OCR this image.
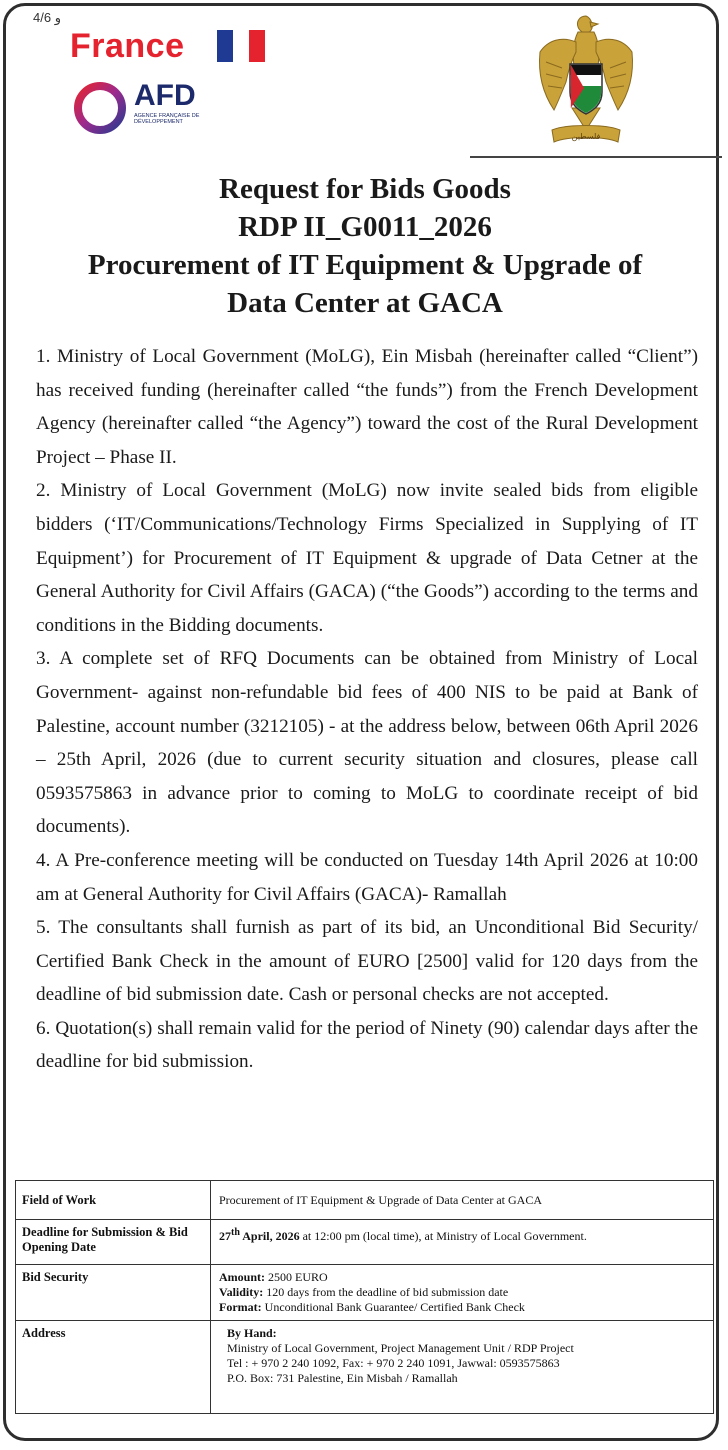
ﻭ 4/6
France
AFD
AGENCE FRANÇAISE DE DÉVELOPPEMENT
فلسطين
Request for Bids Goods
RDP II_G0011_2026
Procurement of IT Equipment & Upgrade of
Data Center at GACA

1. Ministry of Local Government (MoLG), Ein Misbah (hereinafter called “Client”) has received funding (hereinafter called “the funds”) from the French Development Agency (hereinafter called “the Agency”) toward the cost of the Rural Development Project – Phase II.

2. Ministry of Local Government (MoLG) now invite sealed bids from eligible bidders (‘IT/Communications/Technology Firms Specialized in Supplying of IT Equipment’) for Procurement of IT Equipment & upgrade of Data Cetner at the General Authority for Civil Affairs (GACA) (“the Goods”) according to the terms and conditions in the Bidding documents.

3. A complete set of RFQ Documents can be obtained from Ministry of Local Government- against non-refundable bid fees of 400 NIS to be paid at Bank of Palestine, account number (3212105) - at the address below, between 06th April 2026 – 25th April, 2026 (due to current security situation and closures, please call 0593575863 in advance prior to coming to MoLG to coordinate receipt of bid documents).

4. A Pre-conference meeting will be conducted on Tuesday 14th April 2026 at 10:00 am at General Authority for Civil Affairs (GACA)- Ramallah

5. The consultants shall furnish as part of its bid, an Unconditional Bid Security/ Certified Bank Check in the amount of EURO [2500] valid for 120 days from the deadline of bid submission date. Cash or personal checks are not accepted.

6. Quotation(s) shall remain valid for the period of Ninety (90) calendar days after the deadline for bid submission.

Field of Work	Procurement of IT Equipment & Upgrade of Data Center at GACA
Deadline for Submission & Bid Opening Date	27th April, 2026 at 12:00 pm (local time), at Ministry of Local Government.
Bid Security	Amount: 2500 EURO
Validity: 120 days from the deadline of bid submission date
Format: Unconditional Bank Guarantee/ Certified Bank Check

Address	By Hand:
Ministry of Local Government, Project Management Unit / RDP Project
Tel : + 970 2 240 1092, Fax: + 970 2 240 1091, Jawwal: 0593575863
P.O. Box: 731 Palestine, Ein Misbah / Ramallah
